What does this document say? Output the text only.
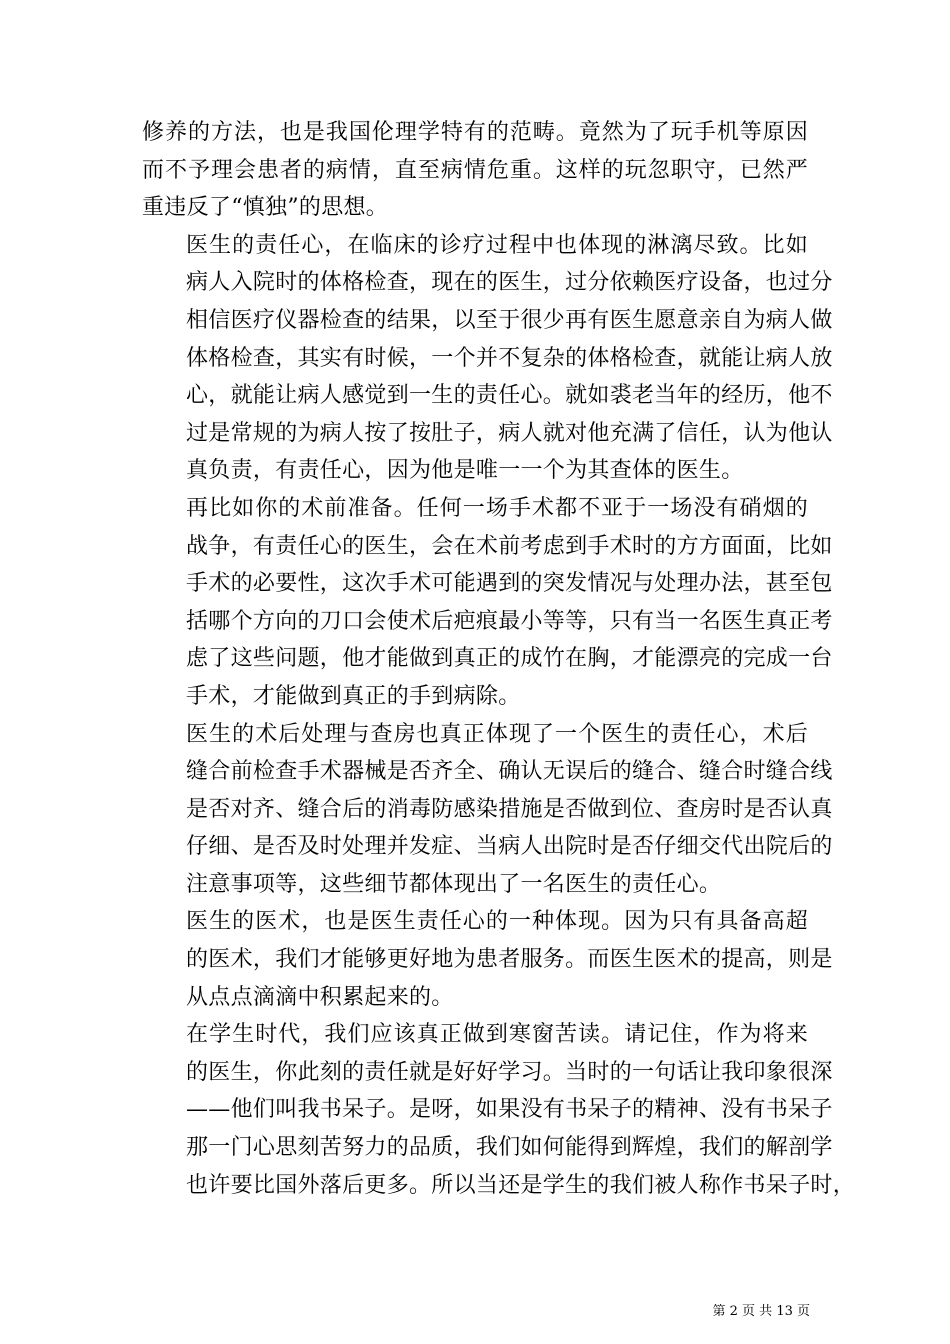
修养的方法，也是我国伦理学特有的范畴。竟然为了玩手机等原因
而不予理会患者的病情，直至病情危重。这样的玩忽职守，已然严
重违反了“慎独”的思想。
医生的责任心，在临床的诊疗过程中也体现的淋漓尽致。比如
病人入院时的体格检查，现在的医生，过分依赖医疗设备，也过分
相信医疗仪器检查的结果，以至于很少再有医生愿意亲自为病人做
体格检查，其实有时候，一个并不复杂的体格检查，就能让病人放
心，就能让病人感觉到一生的责任心。就如裘老当年的经历，他不
过是常规的为病人按了按肚子，病人就对他充满了信任，认为他认
真负责，有责任心，因为他是唯一一个为其查体的医生。
再比如你的术前准备。任何一场手术都不亚于一场没有硝烟的
战争，有责任心的医生，会在术前考虑到手术时的方方面面，比如
手术的必要性，这次手术可能遇到的突发情况与处理办法，甚至包
括哪个方向的刀口会使术后疤痕最小等等，只有当一名医生真正考
虑了这些问题，他才能做到真正的成竹在胸，才能漂亮的完成一台
手术，才能做到真正的手到病除。
医生的术后处理与查房也真正体现了一个医生的责任心，术后
缝合前检查手术器械是否齐全、确认无误后的缝合、缝合时缝合线
是否对齐、缝合后的消毒防感染措施是否做到位、查房时是否认真
仔细、是否及时处理并发症、当病人出院时是否仔细交代出院后的
注意事项等，这些细节都体现出了一名医生的责任心。
医生的医术，也是医生责任心的一种体现。因为只有具备高超
的医术，我们才能够更好地为患者服务。而医生医术的提高，则是
从点点滴滴中积累起来的。
在学生时代，我们应该真正做到寒窗苦读。请记住，作为将来
的医生，你此刻的责任就是好好学习。当时的一句话让我印象很深
——他们叫我书呆子。是呀，如果没有书呆子的精神、没有书呆子
那一门心思刻苦努力的品质，我们如何能得到辉煌，我们的解剖学
也许要比国外落后更多。所以当还是学生的我们被人称作书呆子时，
第 2 页 共 13 页
